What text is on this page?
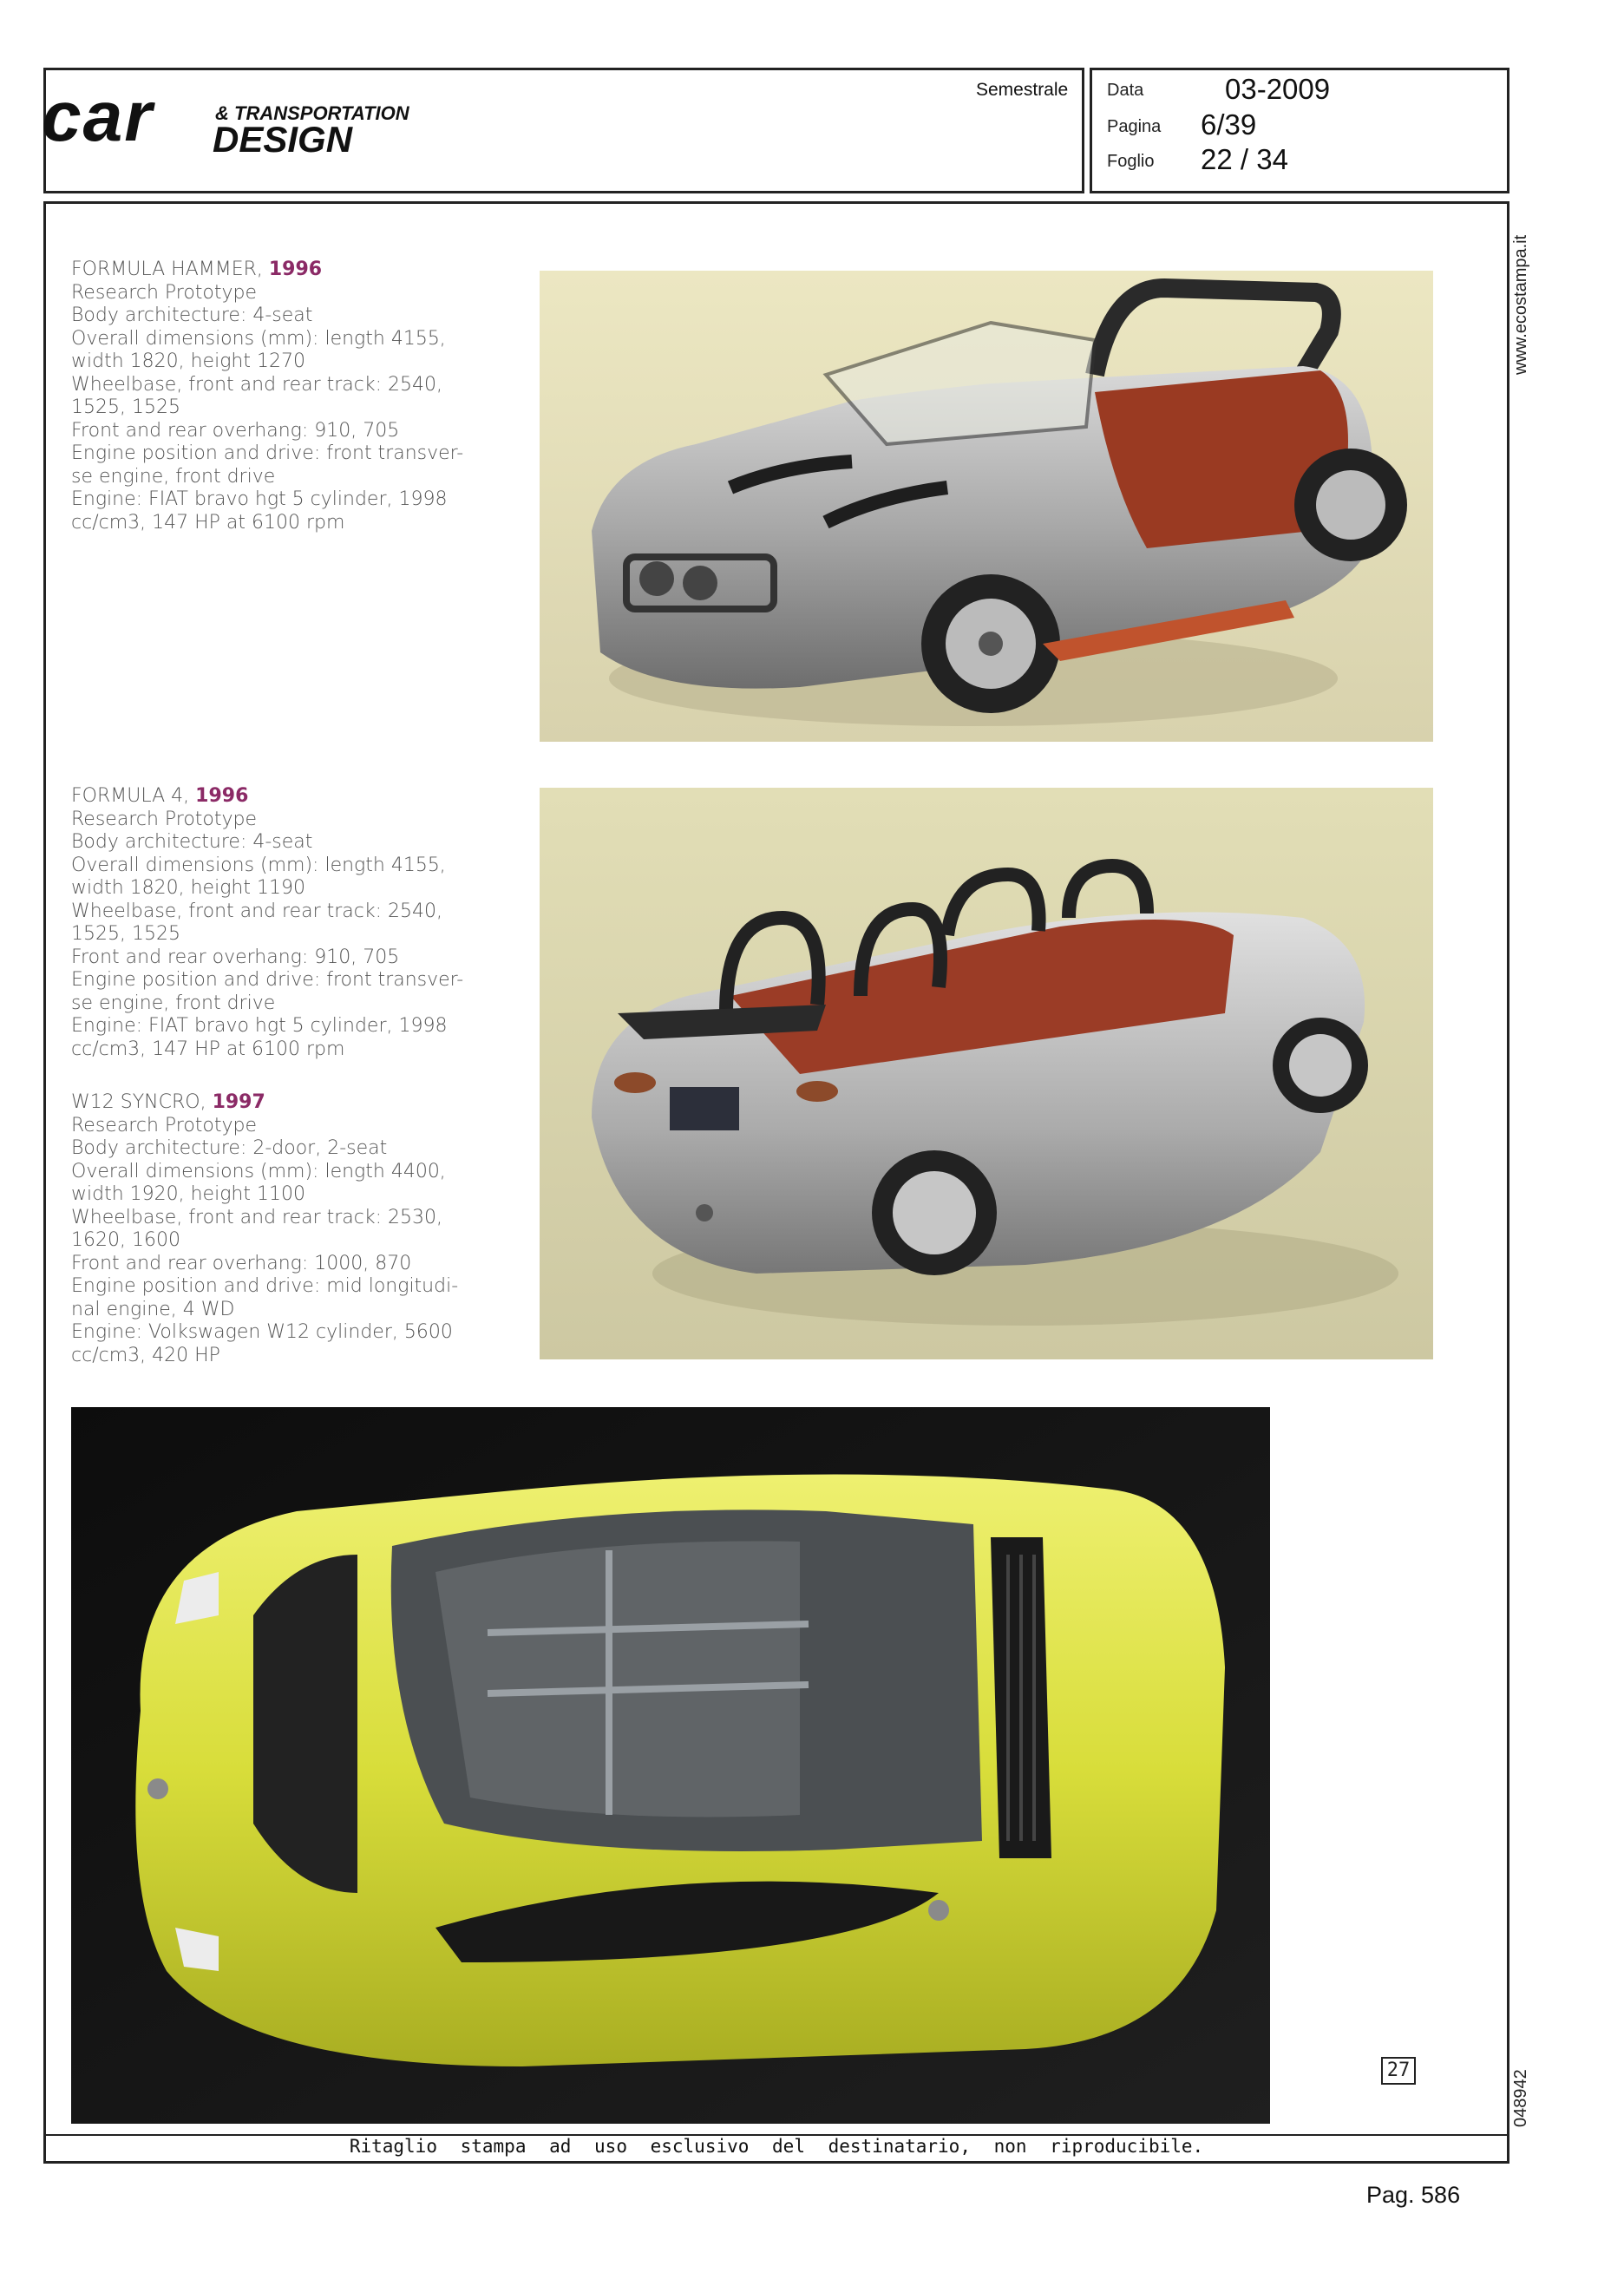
car	& TRANSPORTATION
DESIGN
Semestrale Data	03-2009
Pagina 6/39
Foglio 22 / 34
www.ecostampa.it
048942
FORMULA HAMMER, 1996
Research Prototype
Body architecture: 4-seat
Overall dimensions (mm): length 4155,
width 1820, height 1270
Wheelbase, front and rear track: 2540,
1525, 1525
Front and rear overhang: 910, 705
Engine position and drive: front transver-
se engine, front drive
Engine: FIAT bravo hgt 5 cylinder, 1998
cc/cm3, 147 HP at 6100 rpm
FORMULA 4, 1996
Research Prototype
Body architecture: 4-seat
Overall dimensions (mm): length 4155,
width 1820, height 1190
Wheelbase, front and rear track: 2540,
1525, 1525
Front and rear overhang: 910, 705
Engine position and drive: front transver-
se engine, front drive
Engine: FIAT bravo hgt 5 cylinder, 1998
cc/cm3, 147 HP at 6100 rpm
W12 SYNCRO, 1997
Research Prototype
Body architecture: 2-door, 2-seat
Overall dimensions (mm): length 4400,
width 1920, height 1100
Wheelbase, front and rear track: 2530,
1620, 1600
Front and rear overhang: 1000, 870
Engine position and drive: mid longitudi-
nal engine, 4 WD
Engine: Volkswagen W12 cylinder, 5600
cc/cm3, 420 HP
27
Ritaglio stampa ad uso esclusivo del destinatario, non riproducibile.
Pag. 586
